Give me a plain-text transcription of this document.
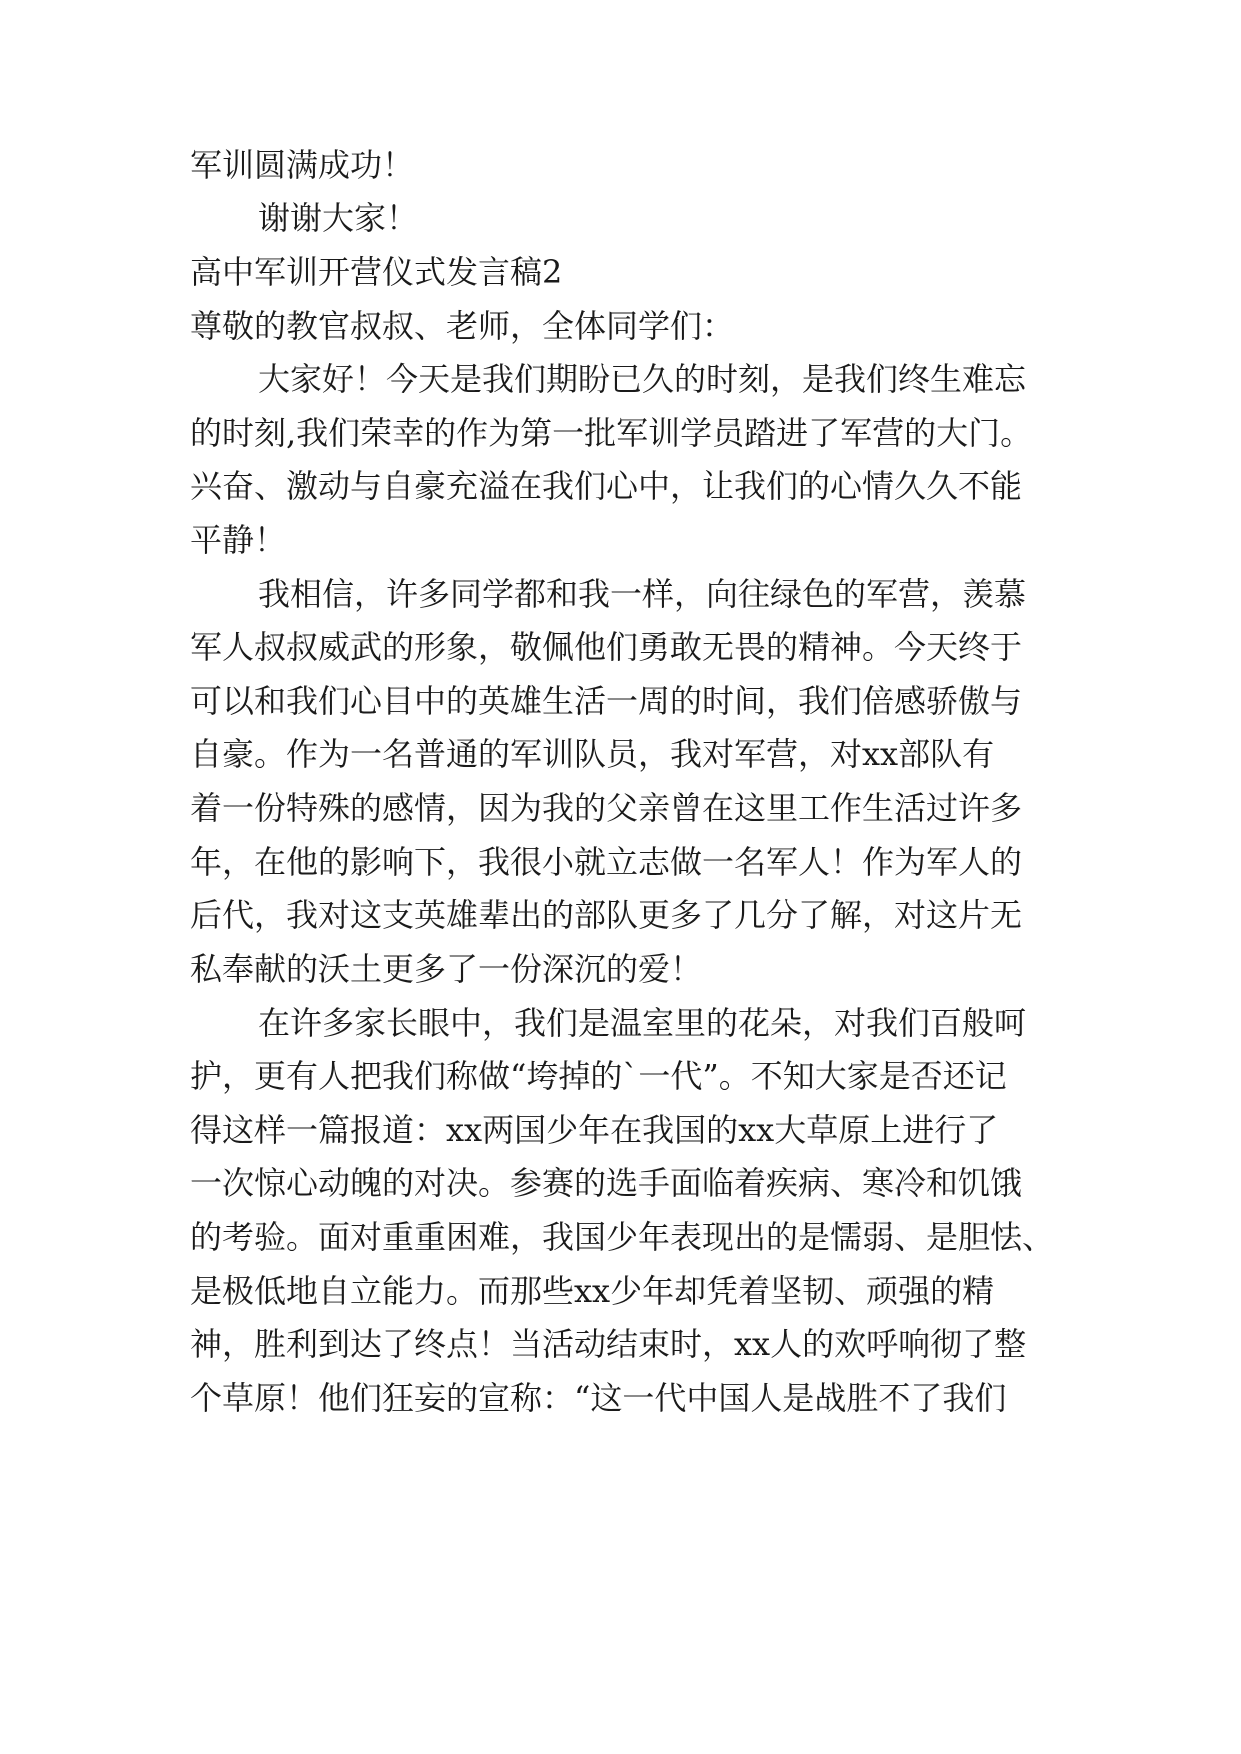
军训圆满成功！
谢谢大家！
高中军训开营仪式发言稿2
尊敬的教官叔叔、老师，全体同学们：
大家好！今天是我们期盼已久的时刻，是我们终生难忘
的时刻,我们荣幸的作为第一批军训学员踏进了军营的大门。
兴奋、激动与自豪充溢在我们心中，让我们的心情久久不能
平静！
我相信，许多同学都和我一样，向往绿色的军营，羡慕
军人叔叔威武的形象，敬佩他们勇敢无畏的精神。今天终于
可以和我们心目中的英雄生活一周的时间，我们倍感骄傲与
自豪。作为一名普通的军训队员，我对军营，对xx部队有
着一份特殊的感情，因为我的父亲曾在这里工作生活过许多
年，在他的影响下，我很小就立志做一名军人！作为军人的
后代，我对这支英雄辈出的部队更多了几分了解，对这片无
私奉献的沃土更多了一份深沉的爱！
在许多家长眼中，我们是温室里的花朵，对我们百般呵
护，更有人把我们称做“垮掉的`一代”。不知大家是否还记
得这样一篇报道：xx两国少年在我国的xx大草原上进行了
一次惊心动魄的对决。参赛的选手面临着疾病、寒冷和饥饿
的考验。面对重重困难，我国少年表现出的是懦弱、是胆怯、
是极低地自立能力。而那些xx少年却凭着坚韧、顽强的精
神，胜利到达了终点！当活动结束时，xx人的欢呼响彻了整
个草原！他们狂妄的宣称：“这一代中国人是战胜不了我们
